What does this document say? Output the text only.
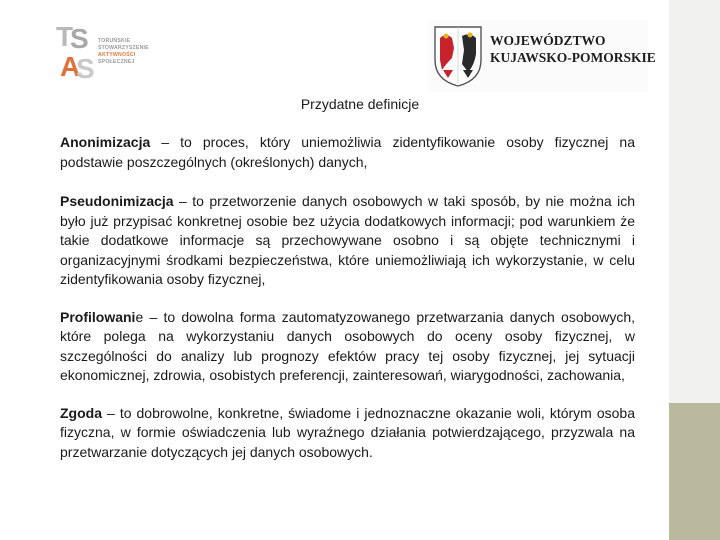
T
S
A
S
TORUŃSKIE
STOWARZYSZENIE
AKTYWNOŚCI
SPOŁECZNEJ
WOJEWÓDZTWO
KUJAWSKO-POMORSKIE
Przydatne definicje

Anonimizacja – to proces, który uniemożliwia zidentyfikowanie osoby fizycznej na podstawie poszczególnych (określonych) danych,

Pseudonimizacja – to przetworzenie danych osobowych w taki sposób, by nie można ich było już przypisać konkretnej osobie bez użycia dodatkowych informacji; pod warunkiem że takie dodatkowe informacje są przechowywane osobno i są objęte technicznymi i organizacyjnymi środkami bezpieczeństwa, które uniemożliwiają ich wykorzystanie, w celu zidentyfikowania osoby fizycznej,

Profilowanie – to dowolna forma zautomatyzowanego przetwarzania danych osobowych, które polega na wykorzystaniu danych osobowych do oceny osoby fizycznej, w szczególności do analizy lub prognozy efektów pracy tej osoby fizycznej, jej sytuacji ekonomicznej, zdrowia, osobistych preferencji, zainteresowań, wiarygodności, zachowania,

Zgoda – to dobrowolne, konkretne, świadome i jednoznaczne okazanie woli, którym osoba fizyczna, w formie oświadczenia lub wyraźnego działania potwierdzającego, przyzwala na przetwarzanie dotyczących jej danych osobowych.
